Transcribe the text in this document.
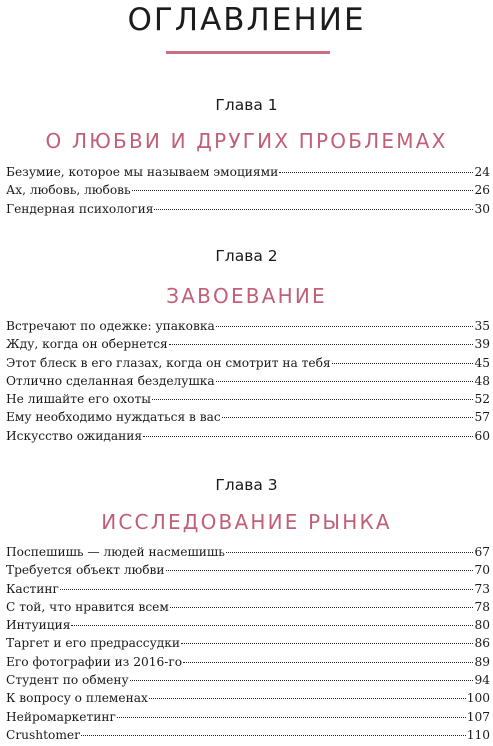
ОГЛАВЛЕНИЕ
Глава 1
О ЛЮБВИ И ДРУГИХ ПРОБЛЕМАХ
Безумие, которое мы называем эмоциями	24
Ах, любовь, любовь	26
Гендерная психология	30
Глава 2
ЗАВОЕВАНИЕ
Встречают по одежке: упаковка	35
Жду, когда он обернется	39
Этот блеск в его глазах, когда он смотрит на тебя	45
Отлично сделанная безделушка	48
Не лишайте его охоты	52
Ему необходимо нуждаться в вас	57
Искусство ожидания	60
Глава 3
ИССЛЕДОВАНИЕ РЫНКА
Поспешишь — людей насмешишь	67
Требуется объект любви	70
Кастинг	73
С той, что нравится всем	78
Интуиция	80
Таргет и его предрассудки	86
Его фотографии из 2016-го	89
Студент по обмену	94
К вопросу о племенах	100
Нейромаркетинг	107
Crushtomer	110
